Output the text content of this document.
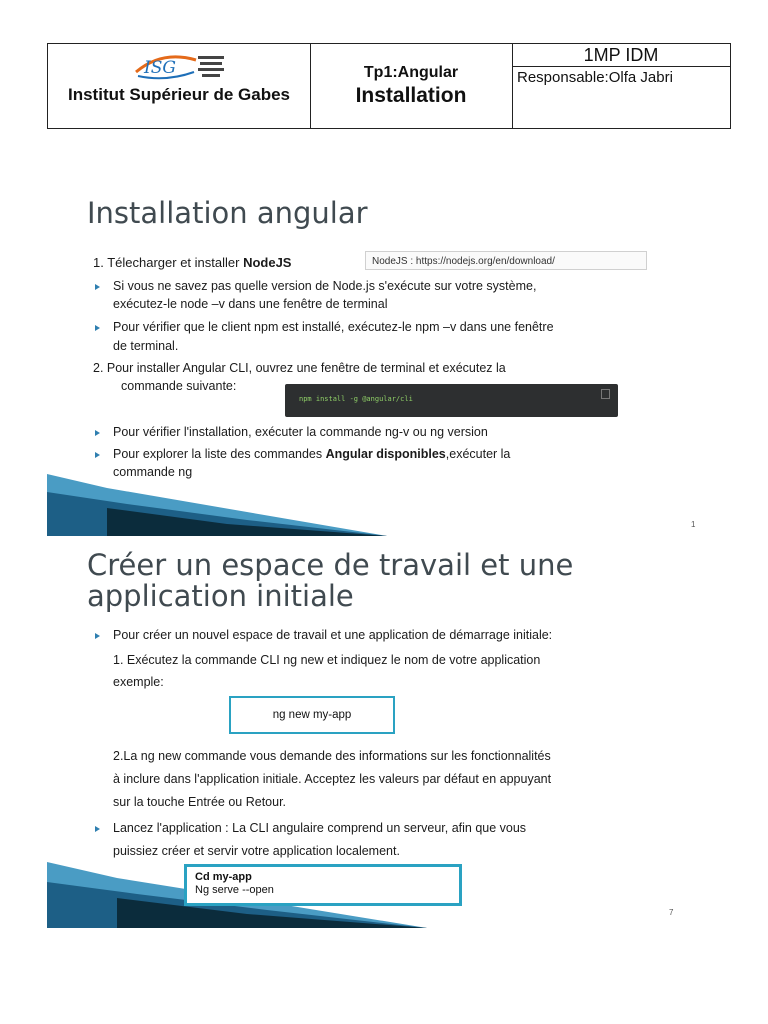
ISG
Institut Supérieur de Gabes
Tp1:Angular
Installation
1MP IDM
Responsable:Olfa Jabri
Installation angular
1. Télecharger et installer NodeJS	NodeJS : https://nodejs.org/en/download/
Si vous ne savez pas quelle version de Node.js s'exécute sur votre système,
exécutez-le node –v dans une fenêtre de terminal
Pour vérifier que le client npm est installé, exécutez-le npm –v dans une fenêtre
de terminal.
2. Pour installer Angular CLI, ouvrez une fenêtre de terminal et exécutez la
commande suivante:
npm install -g @angular/cli
Pour vérifier l'installation, exécuter la commande ng-v ou ng version
Pour explorer la liste des commandes Angular disponibles,exécuter la
commande ng
1
Créer un espace de travail et une
application initiale
Pour créer un nouvel espace de travail et une application de démarrage initiale:
1. Exécutez la commande CLI ng new et indiquez le nom de votre application
exemple:
ng new my-app
2.La ng new commande vous demande des informations sur les fonctionnalités
à inclure dans l'application initiale. Acceptez les valeurs par défaut en appuyant
sur la touche Entrée ou Retour.
Lancez l'application : La CLI angulaire comprend un serveur, afin que vous
puissiez créer et servir votre application localement.
Cd my-app
Ng serve --open
7
